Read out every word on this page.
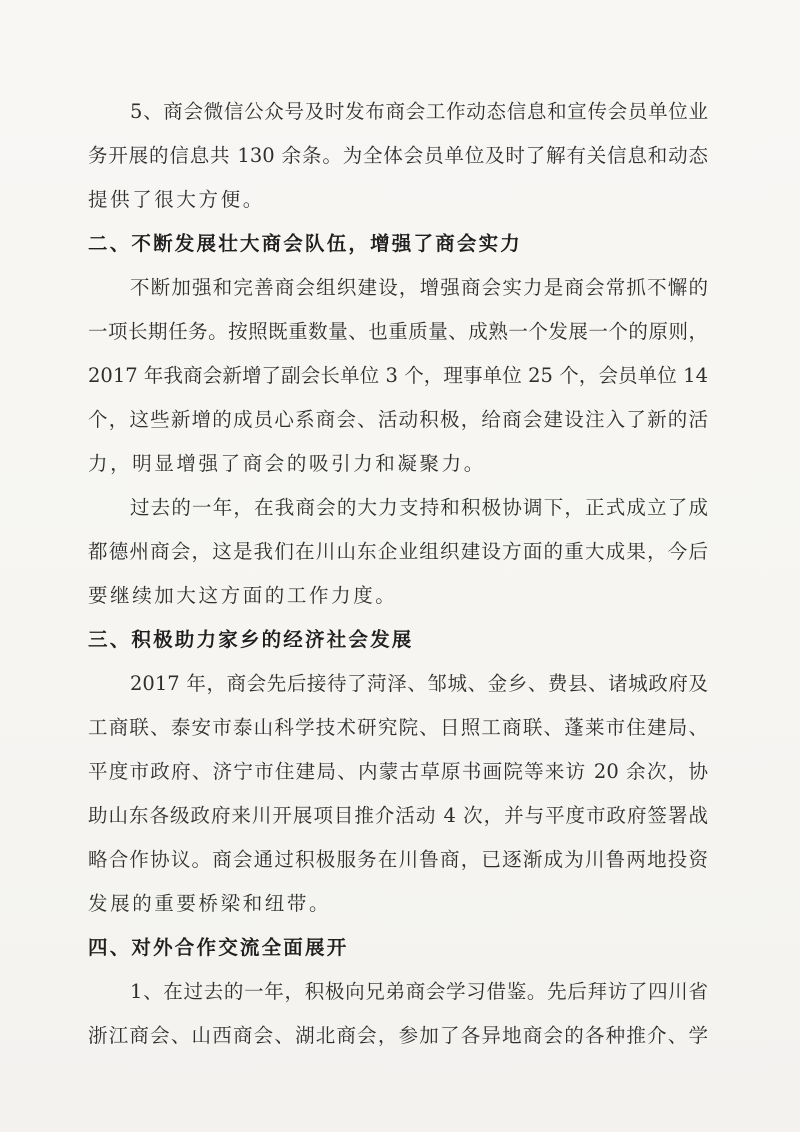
5、商会微信公众号及时发布商会工作动态信息和宣传会员单位业
务开展的信息共 130 余条。为全体会员单位及时了解有关信息和动态
提供了很大方便。
二、不断发展壮大商会队伍，增强了商会实力
不断加强和完善商会组织建设，增强商会实力是商会常抓不懈的
一项长期任务。按照既重数量、也重质量、成熟一个发展一个的原则，
2017 年我商会新增了副会长单位 3 个，理事单位 25 个，会员单位 14
个，这些新增的成员心系商会、活动积极，给商会建设注入了新的活
力，明显增强了商会的吸引力和凝聚力。
过去的一年，在我商会的大力支持和积极协调下，正式成立了成
都德州商会，这是我们在川山东企业组织建设方面的重大成果，今后
要继续加大这方面的工作力度。
三、积极助力家乡的经济社会发展
2017 年，商会先后接待了菏泽、邹城、金乡、费县、诸城政府及
工商联、泰安市泰山科学技术研究院、日照工商联、蓬莱市住建局、
平度市政府、济宁市住建局、内蒙古草原书画院等来访 20 余次，协
助山东各级政府来川开展项目推介活动 4 次，并与平度市政府签署战
略合作协议。商会通过积极服务在川鲁商，已逐渐成为川鲁两地投资
发展的重要桥梁和纽带。
四、对外合作交流全面展开
1、在过去的一年，积极向兄弟商会学习借鉴。先后拜访了四川省
浙江商会、山西商会、湖北商会，参加了各异地商会的各种推介、学
